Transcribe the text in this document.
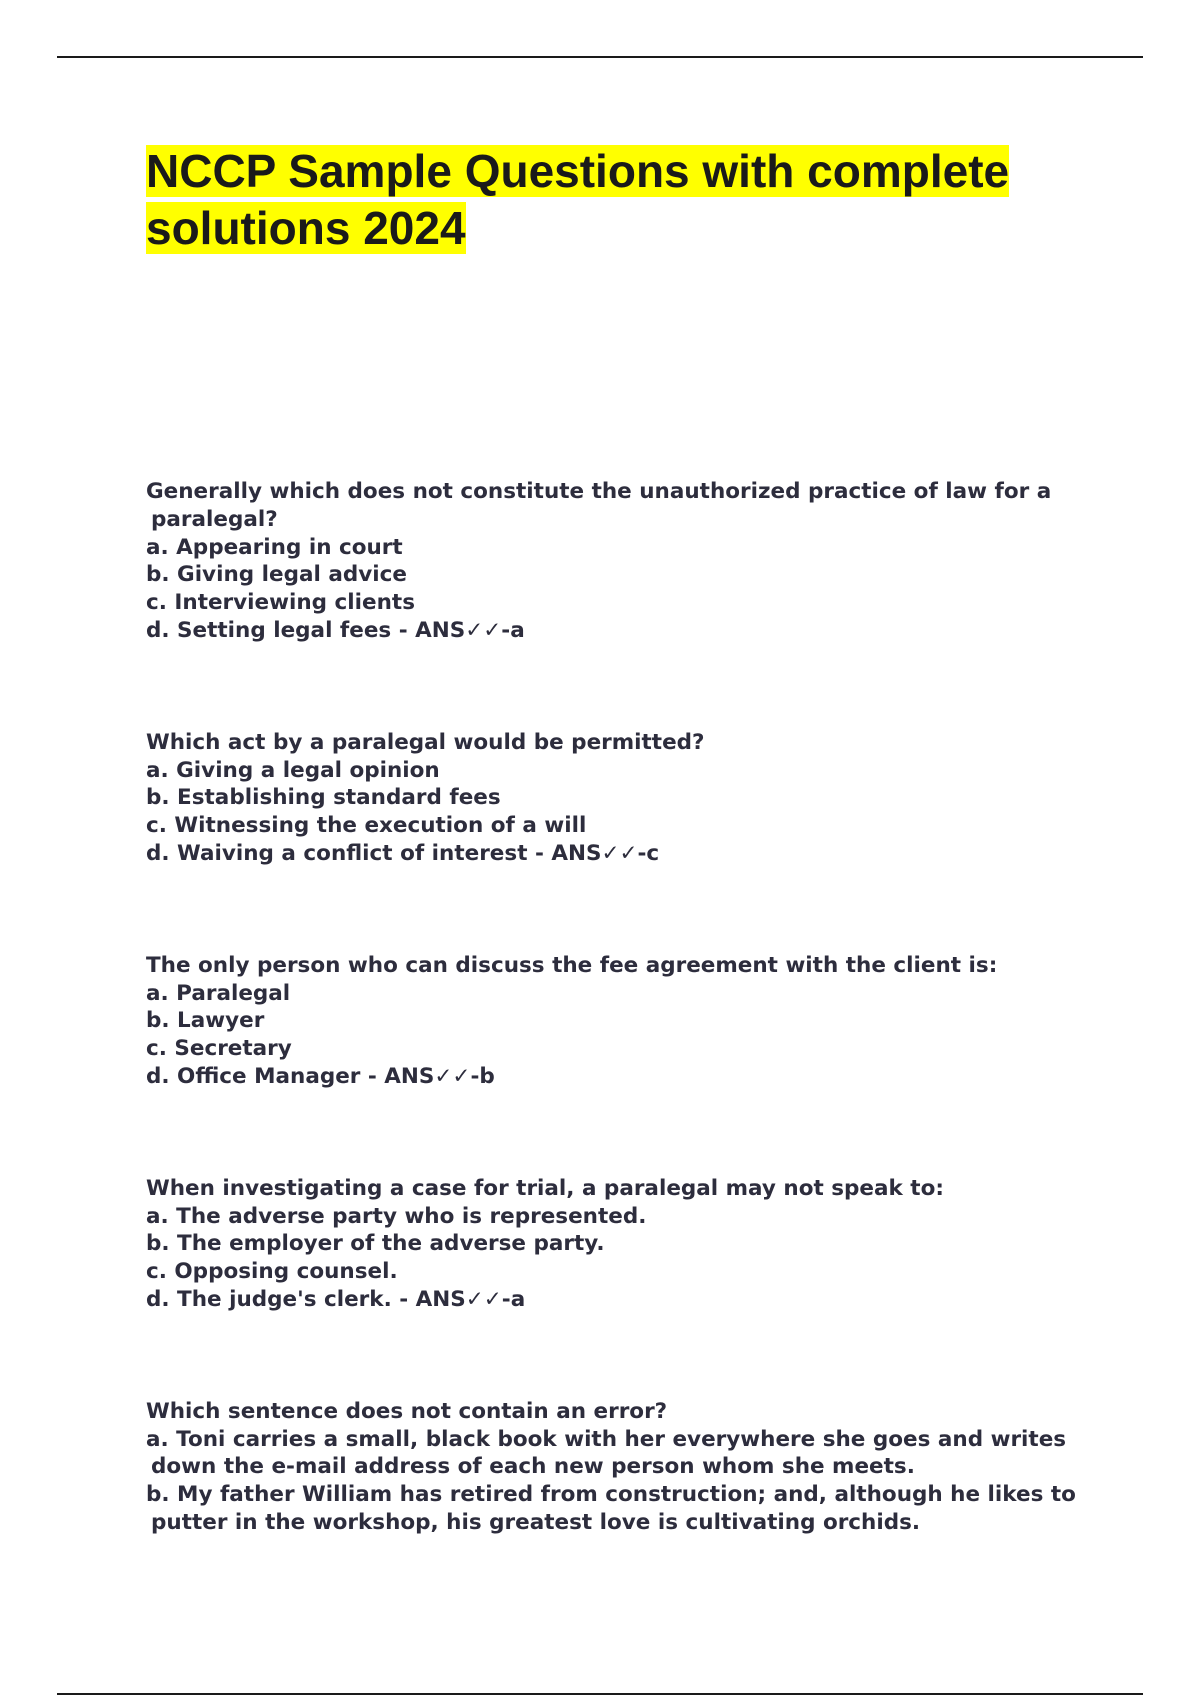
NCCP Sample Questions with complete solutions 2024
Generally which does not constitute the unauthorized practice of law for a
paralegal?
a. Appearing in court
b. Giving legal advice
c. Interviewing clients
d. Setting legal fees - ANS✓✓-a
Which act by a paralegal would be permitted?
a. Giving a legal opinion
b. Establishing standard fees
c. Witnessing the execution of a will
d. Waiving a conflict of interest - ANS✓✓-c
The only person who can discuss the fee agreement with the client is:
a. Paralegal
b. Lawyer
c. Secretary
d. Office Manager - ANS✓✓-b
When investigating a case for trial, a paralegal may not speak to:
a. The adverse party who is represented.
b. The employer of the adverse party.
c. Opposing counsel.
d. The judge's clerk. - ANS✓✓-a
Which sentence does not contain an error?
a. Toni carries a small, black book with her everywhere she goes and writes
down the e-mail address of each new person whom she meets.
b. My father William has retired from construction; and, although he likes to
putter in the workshop, his greatest love is cultivating orchids.
